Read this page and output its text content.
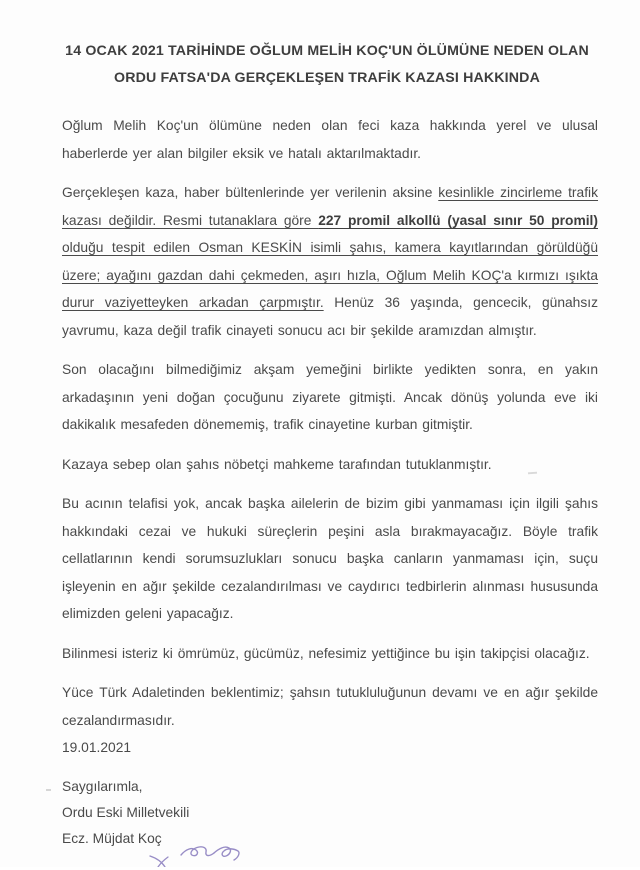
14 OCAK 2021 TARİHİNDE OĞLUM MELİH KOÇ'UN ÖLÜMÜNE NEDEN OLAN
ORDU FATSA'DA GERÇEKLEŞEN TRAFİK KAZASI HAKKINDA
Oğlum Melih Koç'un ölümüne neden olan feci kaza hakkında yerel ve ulusal haberlerde yer alan bilgiler eksik ve hatalı aktarılmaktadır.
Gerçekleşen kaza, haber bültenlerinde yer verilenin aksine kesinlikle zincirleme trafik kazası değildir. Resmi tutanaklara göre 227 promil alkollü (yasal sınır 50 promil) olduğu tespit edilen Osman KESKİN isimli şahıs, kamera kayıtlarından görüldüğü üzere; ayağını gazdan dahi çekmeden, aşırı hızla, Oğlum Melih KOÇ'a kırmızı ışıkta durur vaziyetteyken arkadan çarpmıştır. Henüz 36 yaşında, gencecik, günahsız yavrumu, kaza değil trafik cinayeti sonucu acı bir şekilde aramızdan almıştır.
Son olacağını bilmediğimiz akşam yemeğini birlikte yedikten sonra, en yakın arkadaşının yeni doğan çocuğunu ziyarete gitmişti. Ancak dönüş yolunda eve iki dakikalık mesafeden dönememiş, trafik cinayetine kurban gitmiştir.
Kazaya sebep olan şahıs nöbetçi mahkeme tarafından tutuklanmıştır.
Bu acının telafisi yok, ancak başka ailelerin de bizim gibi yanmaması için ilgili şahıs hakkındaki cezai ve hukuki süreçlerin peşini asla bırakmayacağız. Böyle trafik cellatlarının kendi sorumsuzlukları sonucu başka canların yanmaması için, suçu işleyenin en ağır şekilde cezalandırılması ve caydırıcı tedbirlerin alınması hususunda elimizden geleni yapacağız.
Bilinmesi isteriz ki ömrümüz, gücümüz, nefesimiz yettiğince bu işin takipçisi olacağız.
Yüce Türk Adaletinden beklentimiz; şahsın tutukluluğunun devamı ve en ağır şekilde cezalandırmasıdır.
19.01.2021
Saygılarımla,
Ordu Eski Milletvekili
Ecz. Müjdat Koç
